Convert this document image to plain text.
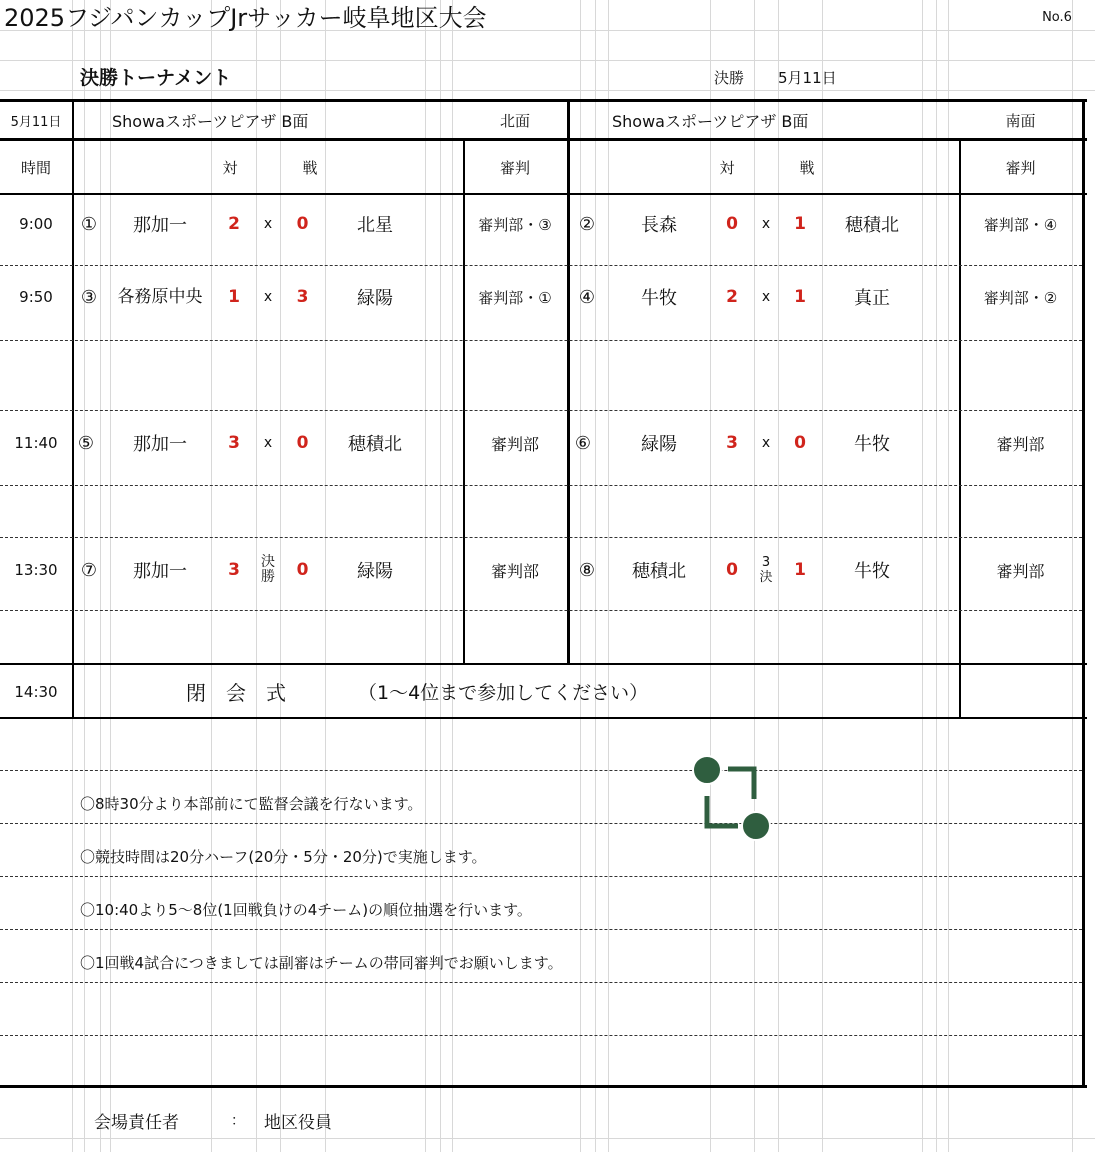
2025フジパンカップJrサッカー岐阜地区大会	No.6
決勝トーナメント	決勝 5月11日
5月11日	Showaスポーツピアザ B面	北面	Showaスポーツピアザ B面	南面
時間	対	戦	審判	対	戦	審判
9:00	①	那加一	2	x	0	北星	審判部・③	②	長森	0	x	1	穂積北	審判部・④
9:50	③	各務原中央	1	x	3	緑陽	審判部・①	④	牛牧	2	x	1	真正	審判部・②
11:40	⑤	那加一	3	x	0	穂積北	審判部	⑥	緑陽	3	x	0	牛牧	審判部
13:30	⑦	那加一	3	決勝	0	緑陽	審判部	⑧	穂積北	0	3決	1	牛牧	審判部
14:30	閉　会　式	（1～4位まで参加してください）
〇8時30分より本部前にて監督会議を行ないます。
〇競技時間は20分ハーフ(20分・5分・20分)で実施します。
〇10:40より5～8位(1回戦負けの4チーム)の順位抽選を行います。
〇1回戦4試合につきましては副審はチームの帯同審判でお願いします。
会場責任者	： 地区役員
